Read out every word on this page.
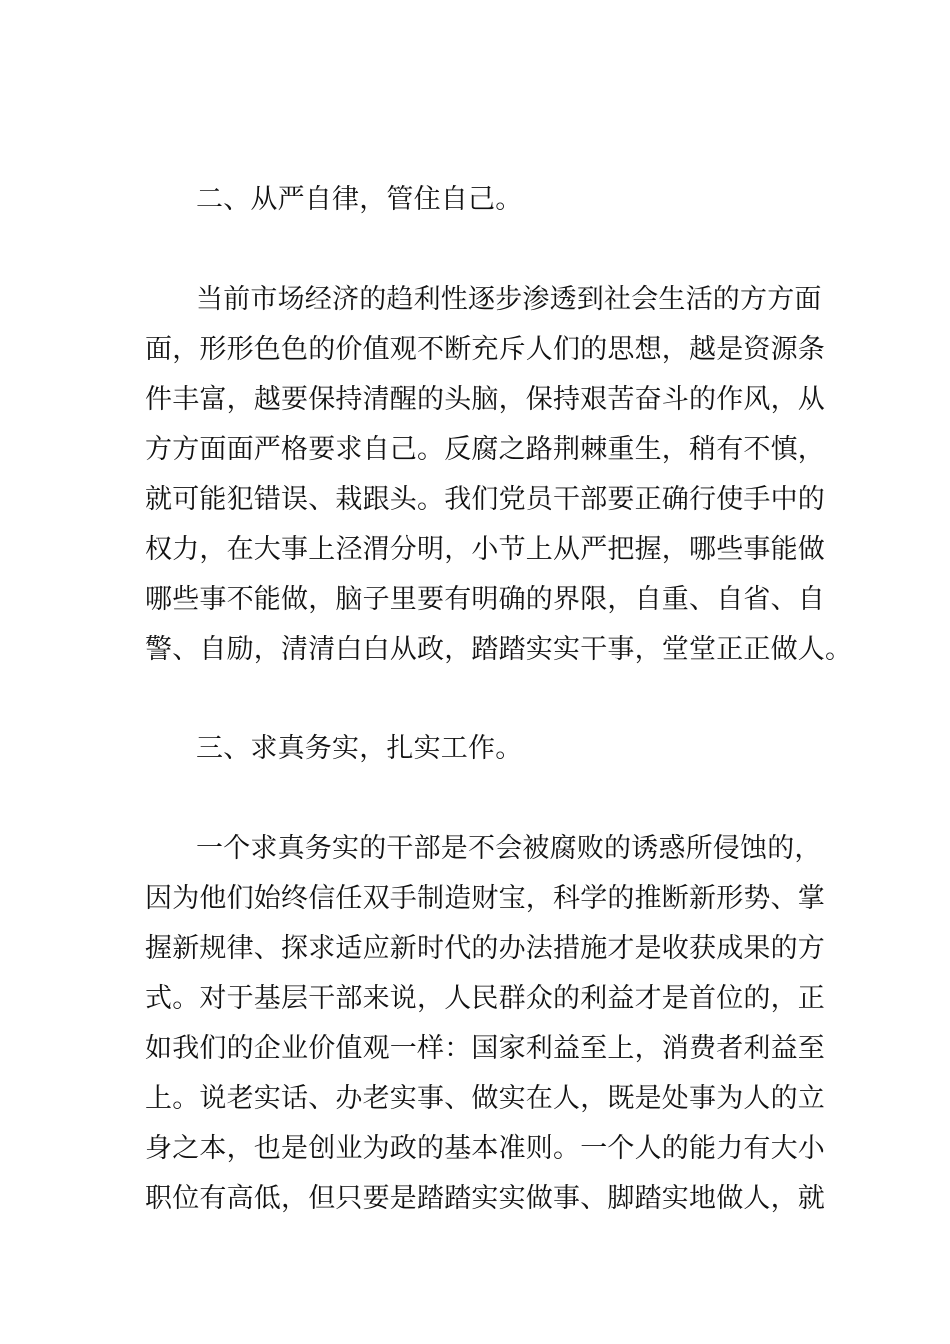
二、从严自律，管住自己。
当前市场经济的趋利性逐步渗透到社会生活的方方面
面，形形色色的价值观不断充斥人们的思想，越是资源条
件丰富，越要保持清醒的头脑，保持艰苦奋斗的作风，从
方方面面严格要求自己。反腐之路荆棘重生，稍有不慎，
就可能犯错误、栽跟头。我们党员干部要正确行使手中的
权力，在大事上泾渭分明，小节上从严把握，哪些事能做
哪些事不能做，脑子里要有明确的界限，自重、自省、自
警、自励，清清白白从政，踏踏实实干事，堂堂正正做人。
三、求真务实，扎实工作。
一个求真务实的干部是不会被腐败的诱惑所侵蚀的，
因为他们始终信任双手制造财宝，科学的推断新形势、掌
握新规律、探求适应新时代的办法措施才是收获成果的方
式。对于基层干部来说，人民群众的利益才是首位的，正
如我们的企业价值观一样：国家利益至上，消费者利益至
上。说老实话、办老实事、做实在人，既是处事为人的立
身之本，也是创业为政的基本准则。一个人的能力有大小
职位有高低，但只要是踏踏实实做事、脚踏实地做人，就
